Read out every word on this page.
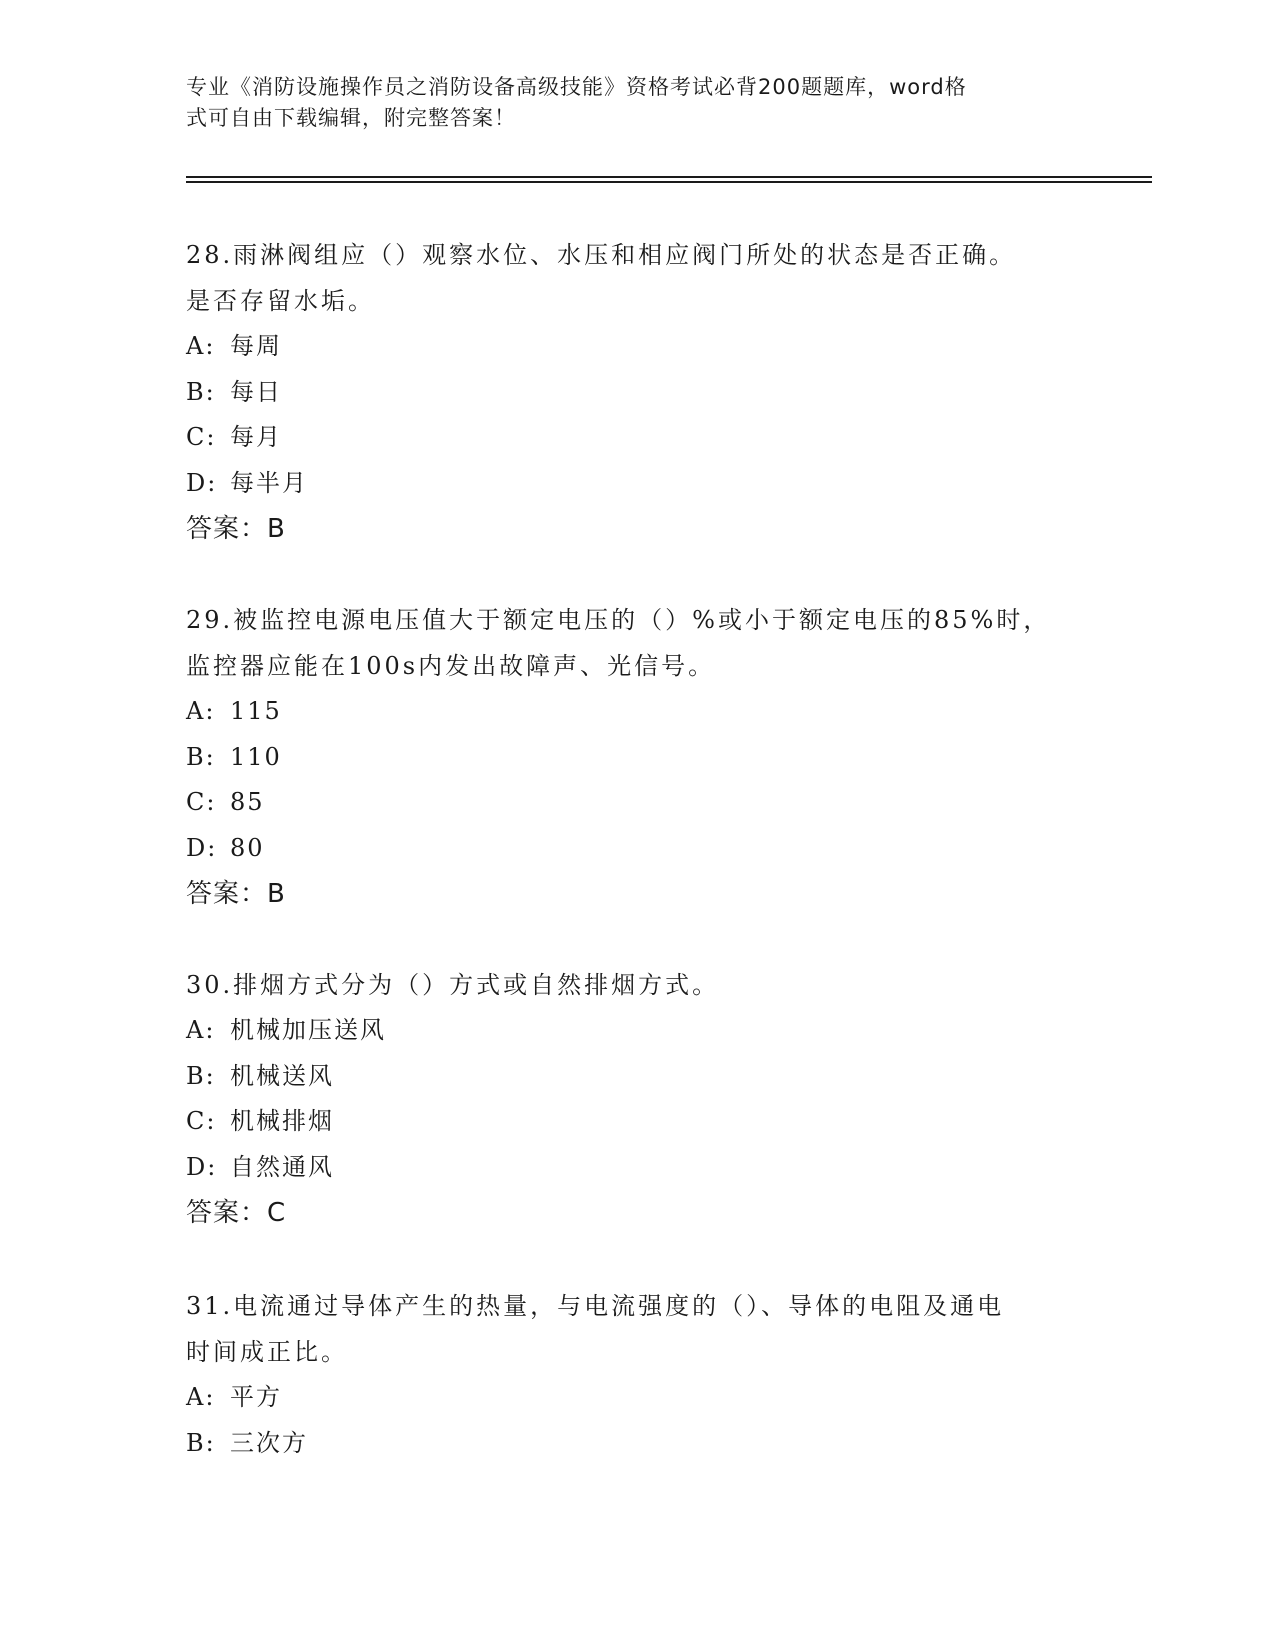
专业《消防设施操作员之消防设备高级技能》资格考试必背200题题库，word格
式可自由下载编辑，附完整答案！
28.雨淋阀组应（）观察水位、水压和相应阀门所处的状态是否正确。
是否存留水垢。
A: 每周
B: 每日
C: 每月
D: 每半月
答案：B
29.被监控电源电压值大于额定电压的（）%或小于额定电压的85%时，
监控器应能在100s内发出故障声、光信号。
A: 115
B: 110
C: 85
D: 80
答案：B
30.排烟方式分为（）方式或自然排烟方式。
A: 机械加压送风
B: 机械送风
C: 机械排烟
D: 自然通风
答案：C
31.电流通过导体产生的热量，与电流强度的（）、导体的电阻及通电
时间成正比。
A: 平方
B: 三次方
